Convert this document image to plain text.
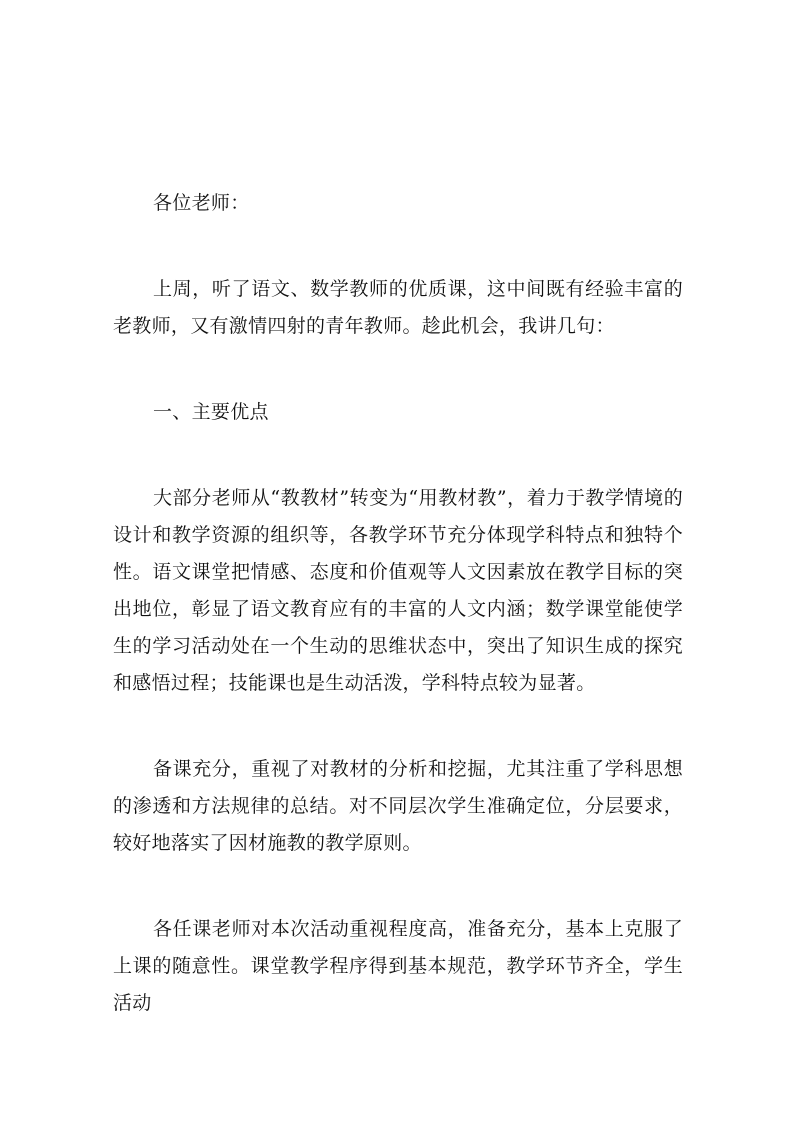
各位老师：

上周，听了语文、数学教师的优质课，这中间既有经验丰富的老教师，又有激情四射的青年教师。趁此机会，我讲几句：

一、主要优点

大部分老师从“教教材”转变为“用教材教”，着力于教学情境的设计和教学资源的组织等，各教学环节充分体现学科特点和独特个性。语文课堂把情感、态度和价值观等人文因素放在教学目标的突出地位，彰显了语文教育应有的丰富的人文内涵；数学课堂能使学生的学习活动处在一个生动的思维状态中，突出了知识生成的探究和感悟过程；技能课也是生动活泼，学科特点较为显著。

备课充分，重视了对教材的分析和挖掘，尤其注重了学科思想的渗透和方法规律的总结。对不同层次学生准确定位，分层要求，较好地落实了因材施教的教学原则。

各任课老师对本次活动重视程度高，准备充分，基本上克服了上课的随意性。课堂教学程序得到基本规范，教学环节齐全，学生活动
